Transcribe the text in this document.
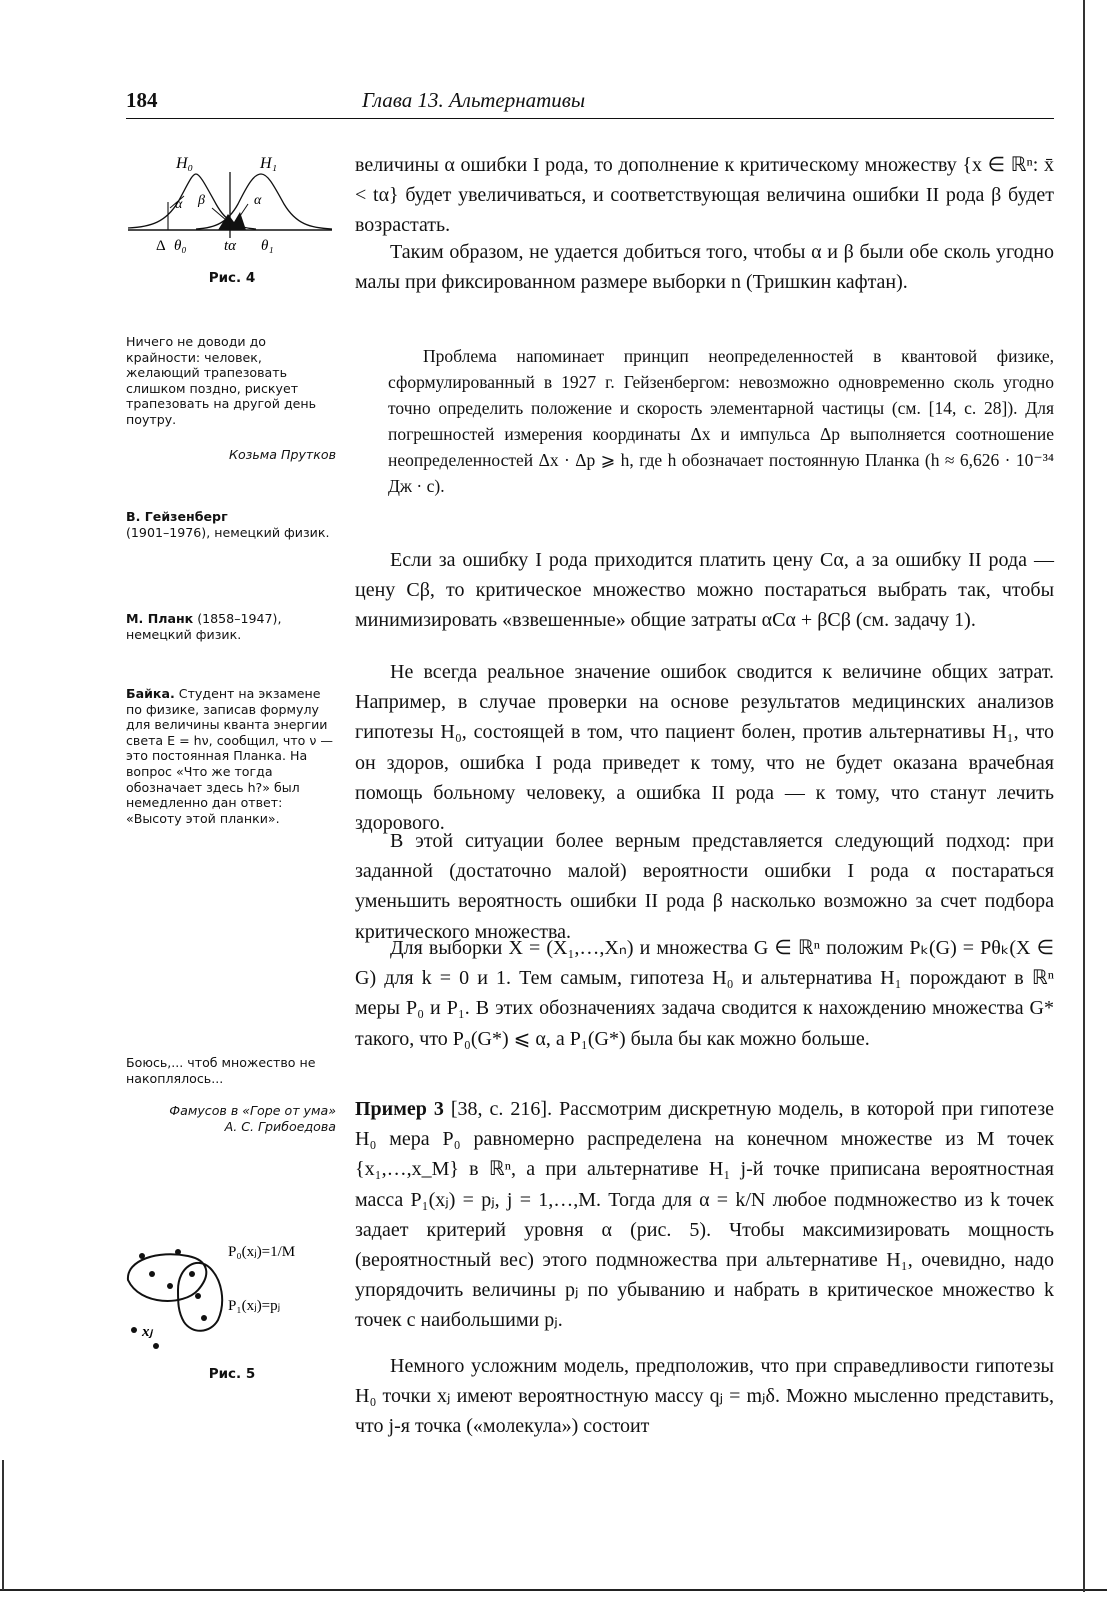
184	Глава 13. Альтернативы
H₀	H₁
α β	α
Δ θ₀ tα θ₁
Рис. 4
Ничего не доводи до крайности: человек, желающий трапезовать слишком поздно, рискует трапезовать на другой день поутру.
Козьма Прутков
В. Гейзенберг
(1901–1976), немецкий физик.
М. Планк (1858–1947), немецкий физик.
Байка. Студент на экзамене по физике, записав формулу для величины кванта энергии света E = hν, сообщил, что ν — это постоянная Планка. На вопрос «Что же тогда обозначает здесь h?» был немедленно дан ответ: «Высоту этой планки».
Боюсь,... чтоб множество не накоплялось...
Фамусов в «Горе от ума»
А. С. Грибоедова
xⱼ
P₀(xⱼ)=1/M
P₁(xⱼ)=pⱼ
Рис. 5
величины α ошибки I рода, то дополнение к критическому множеству {x ∈ ℝⁿ: x̄ < tα} будет увеличиваться, и соответствующая величина ошибки II рода β будет возрастать.
Таким образом, не удается добиться того, чтобы α и β были обе сколь угодно малы при фиксированном размере выборки n (Тришкин кафтан).
Проблема напоминает принцип неопределенностей в квантовой физике, сформулированный в 1927 г. Гейзенбергом: невозможно одновременно сколь угодно точно определить положение и скорость элементарной частицы (см. [14, с. 28]). Для погрешностей измерения координаты Δx и импульса Δp выполняется соотношение неопределенностей Δx · Δp ⩾ h, где h обозначает постоянную Планка (h ≈ 6,626 · 10⁻³⁴ Дж · с).
Если за ошибку I рода приходится платить цену Cα, а за ошибку II рода — цену Cβ, то критическое множество можно постараться выбрать так, чтобы минимизировать «взвешенные» общие затраты αCα + βCβ (см. задачу 1).
Не всегда реальное значение ошибок сводится к величине общих затрат. Например, в случае проверки на основе результатов медицинских анализов гипотезы H₀, состоящей в том, что пациент болен, против альтернативы H₁, что он здоров, ошибка I рода приведет к тому, что не будет оказана врачебная помощь больному человеку, а ошибка II рода — к тому, что станут лечить здорового.
В этой ситуации более верным представляется следующий подход: при заданной (достаточно малой) вероятности ошибки I рода α постараться уменьшить вероятность ошибки II рода β насколько возможно за счет подбора критического множества.
Для выборки X = (X₁,…,Xₙ) и множества G ∈ ℝⁿ положим Pₖ(G) = Pθₖ(X ∈ G) для k = 0 и 1. Тем самым, гипотеза H₀ и альтернатива H₁ порождают в ℝⁿ меры P₀ и P₁. В этих обозначениях задача сводится к нахождению множества G* такого, что P₀(G*) ⩽ α, а P₁(G*) была бы как можно больше.
Пример 3 [38, с. 216]. Рассмотрим дискретную модель, в которой при гипотезе H₀ мера P₀ равномерно распределена на конечном множестве из M точек {x₁,…,x_M} в ℝⁿ, а при альтернативе H₁ j-й точке приписана вероятностная масса P₁(xⱼ) = pⱼ, j = 1,…,M. Тогда для α = k/N любое подмножество из k точек задает критерий уровня α (рис. 5). Чтобы максимизировать мощность (вероятностный вес) этого подмножества при альтернативе H₁, очевидно, надо упорядочить величины pⱼ по убыванию и набрать в критическое множество k точек с наибольшими pⱼ.
Немного усложним модель, предположив, что при справедливости гипотезы H₀ точки xⱼ имеют вероятностную массу qⱼ = mⱼδ. Можно мысленно представить, что j-я точка («молекула») состоит
